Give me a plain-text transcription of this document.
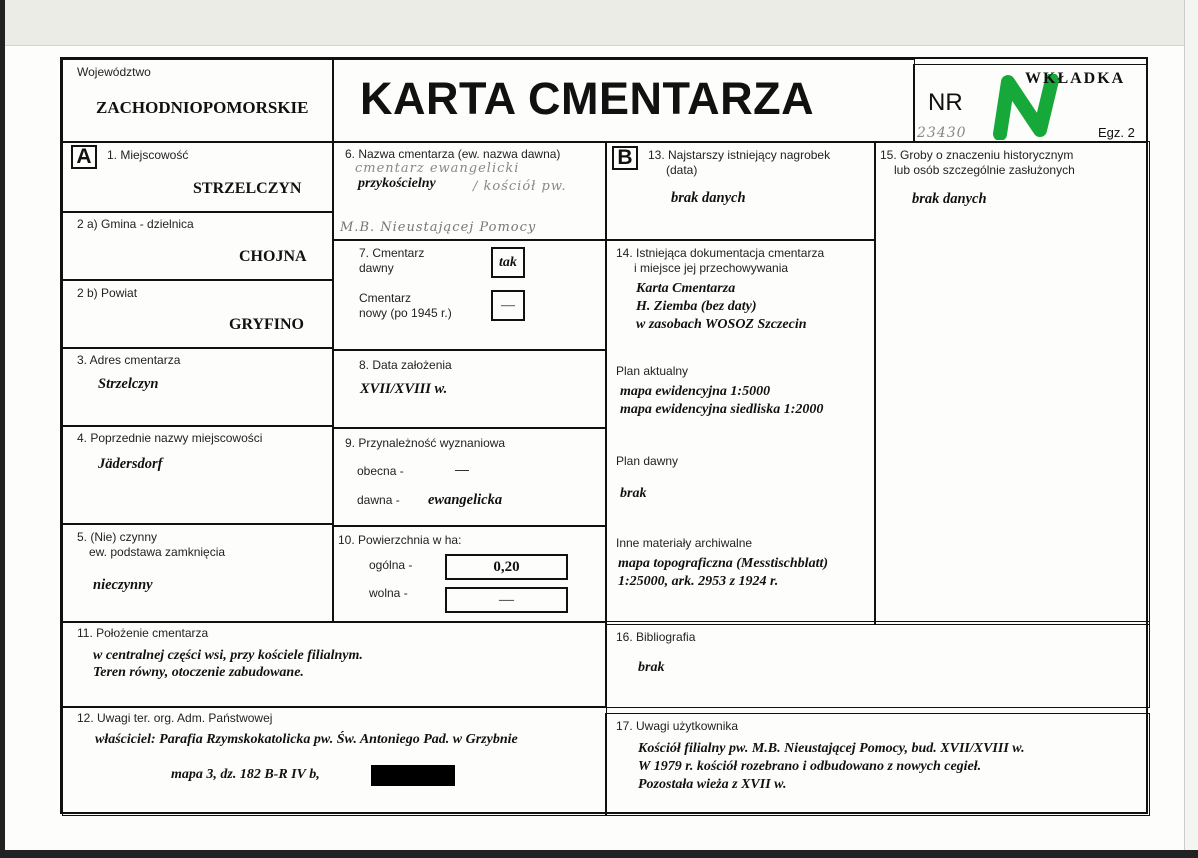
Województwo
ZACHODNIOPOMORSKIE KARTA CMENTARZA	NR
23430	Egz. 2
WKŁADKA
A	1. Miejscowość
STRZELCZYN
2 a) Gmina - dzielnica
CHOJNA
2 b) Powiat
GRYFINO
3. Adres cmentarza
Strzelczyn
4. Poprzednie nazwy miejscowości
Jädersdorf
5. (Nie) czynny
ew. podstawa zamknięcia
nieczynny
6. Nazwa cmentarza (ew. nazwa dawna)
cmentarz ewangelicki
przykościelny	/ kościół pw.
M.B. Nieustającej Pomocy
7. Cmentarz
dawny	tak
Cmentarz
nowy (po 1945 r.)	—
8. Data założenia
XVII/XVIII w.
9. Przynależność wyznaniowa
obecna -	—
dawna - ewangelicka
10. Powierzchnia w ha:
ogólna -	0,20
wolna -	—
B	13. Najstarszy istniejący nagrobek
(data)
brak danych
14. Istniejąca dokumentacja cmentarza
i miejsce jej przechowywania
Karta Cmentarza
H. Ziemba (bez daty)
w zasobach WOSOZ Szczecin
Plan aktualny
mapa ewidencyjna 1:5000
mapa ewidencyjna siedliska 1:2000
Plan dawny
brak
Inne materiały archiwalne
mapa topograficzna (Messtischblatt)
1:25000, ark. 2953 z 1924 r.
15. Groby o znaczeniu historycznym
lub osób szczególnie zasłużonych
brak danych
11. Położenie cmentarza
w centralnej części wsi, przy kościele filialnym.
Teren równy, otoczenie zabudowane.
16. Bibliografia
brak
12. Uwagi ter. org. Adm. Państwowej
właściciel: Parafia Rzymskokatolicka pw. Św. Antoniego Pad. w Grzybnie
mapa 3, dz. 182 B-R IV b,
17. Uwagi użytkownika
Kościół filialny pw. M.B. Nieustającej Pomocy, bud. XVII/XVIII w.
W 1979 r. kościół rozebrano i odbudowano z nowych cegieł.
Pozostała wieża z XVII w.
